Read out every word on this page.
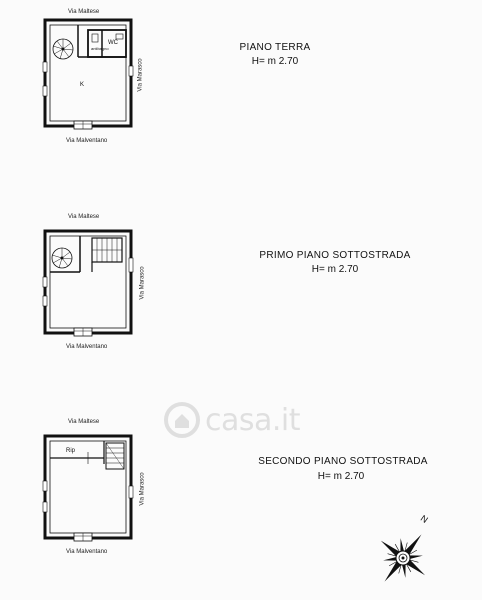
Via Maltese
Via Marasco
Via Malventano
K
WC
antibagno	PIANO TERRA
H= m 2.70
Via Maltese
Via Marasco
Via Malventano
PRIMO PIANO SOTTOSTRADA
H= m 2.70
Via Maltese
Via Marasco
Via Malventano
Rip
SECONDO PIANO SOTTOSTRADA
H= m 2.70
casa.it
N
